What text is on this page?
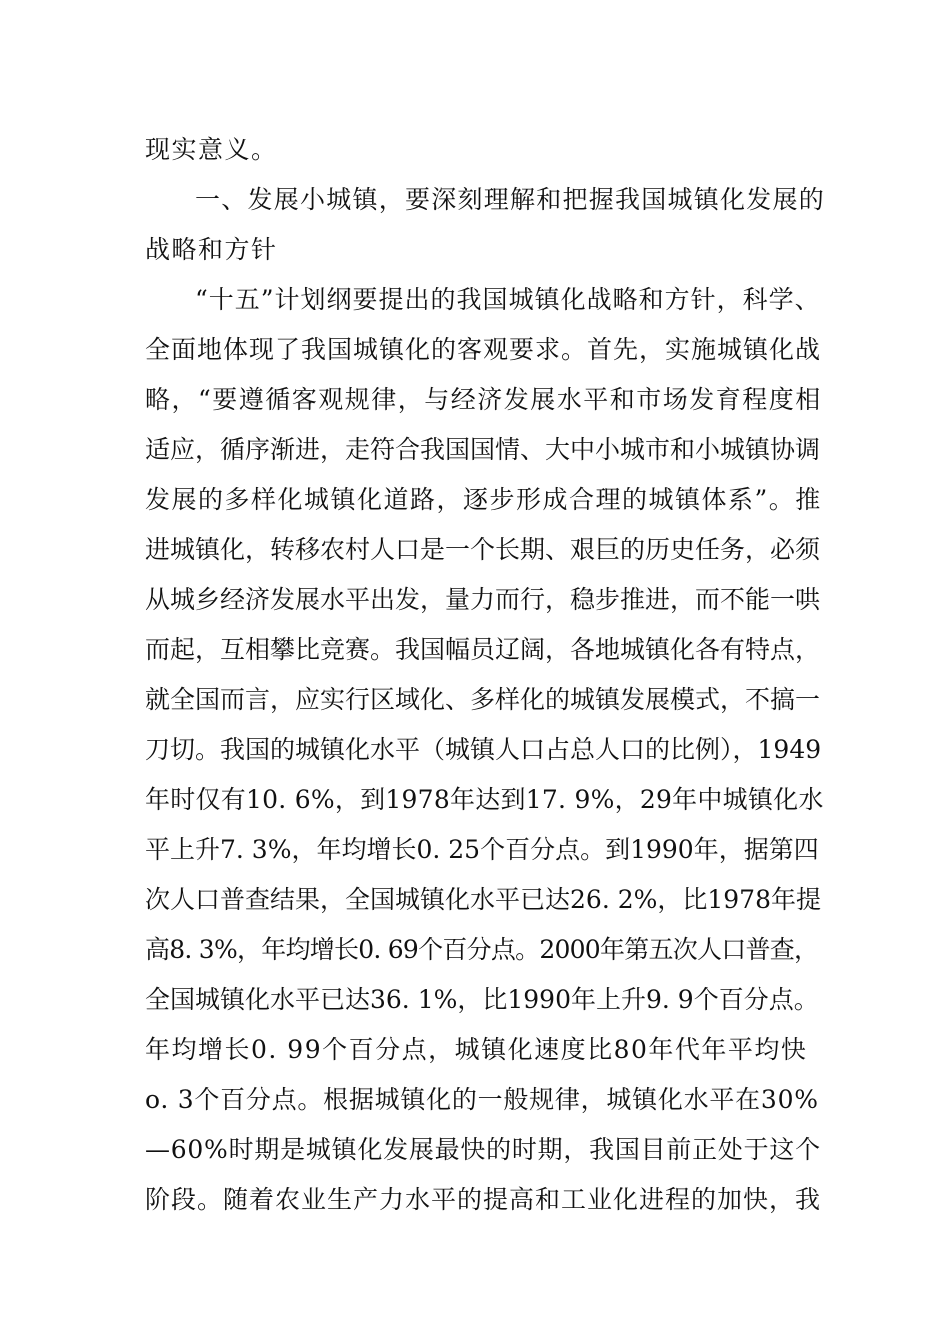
现实意义。
一、发展小城镇，要深刻理解和把握我国城镇化发展的
战略和方针
“十五”计划纲要提出的我国城镇化战略和方针，科学、
全面地体现了我国城镇化的客观要求。首先，实施城镇化战
略，“要遵循客观规律，与经济发展水平和市场发育程度相
适应，循序渐进，走符合我国国情、大中小城市和小城镇协调
发展的多样化城镇化道路，逐步形成合理的城镇体系”。推
进城镇化，转移农村人口是一个长期、艰巨的历史任务，必须
从城乡经济发展水平出发，量力而行，稳步推进，而不能一哄
而起，互相攀比竞赛。我国幅员辽阔，各地城镇化各有特点，
就全国而言，应实行区域化、多样化的城镇发展模式，不搞一
刀切。我国的城镇化水平（城镇人口占总人口的比例），1949
年时仅有10. 6%，到1978年达到17. 9%，29年中城镇化水
平上升7. 3%，年均增长0. 25个百分点。到1990年，据第四
次人口普查结果，全国城镇化水平已达26. 2%，比1978年提
高8. 3%，年均增长0. 69个百分点。2000年第五次人口普查，
全国城镇化水平已达36. 1%，比1990年上升9. 9个百分点。
年均增长0. 99个百分点，城镇化速度比80年代年平均快
o. 3个百分点。根据城镇化的一般规律，城镇化水平在30%
—60%时期是城镇化发展最快的时期，我国目前正处于这个
阶段。随着农业生产力水平的提高和工业化进程的加快，我
